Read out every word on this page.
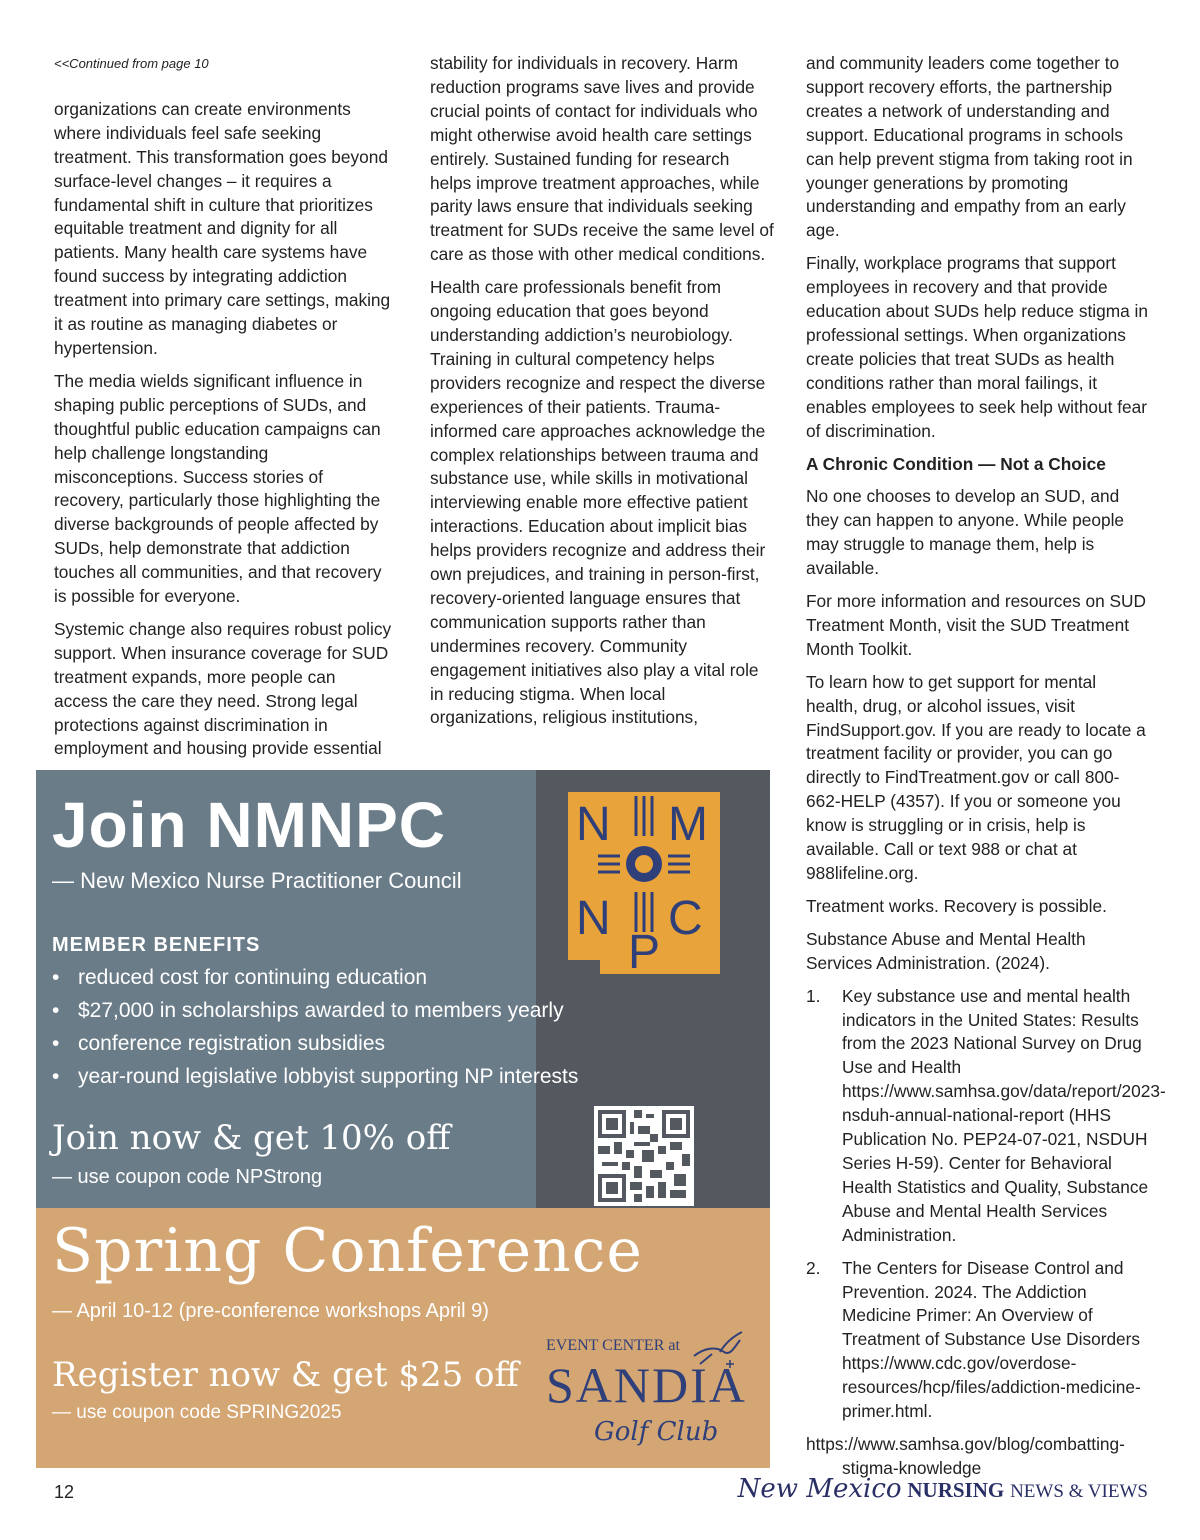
<<Continued from page 10

organizations can create environments where individuals feel safe seeking treatment. This transformation goes beyond surface-level changes – it requires a fundamental shift in culture that prioritizes equitable treatment and dignity for all patients. Many health care systems have found success by integrating addiction treatment into primary care settings, making it as routine as managing diabetes or hypertension.

The media wields significant influence in shaping public perceptions of SUDs, and thoughtful public education campaigns can help challenge longstanding misconceptions. Success stories of recovery, particularly those highlighting the diverse backgrounds of people affected by SUDs, help demonstrate that addiction touches all communities, and that recovery is possible for everyone.

Systemic change also requires robust policy support. When insurance coverage for SUD treatment expands, more people can access the care they need. Strong legal protections against discrimination in employment and housing provide essential

stability for individuals in recovery. Harm reduction programs save lives and provide crucial points of contact for individuals who might otherwise avoid health care settings entirely. Sustained funding for research helps improve treatment approaches, while parity laws ensure that individuals seeking treatment for SUDs receive the same level of care as those with other medical conditions.

Health care professionals benefit from ongoing education that goes beyond understanding addiction’s neurobiology. Training in cultural competency helps providers recognize and respect the diverse experiences of their patients. Trauma-informed care approaches acknowledge the complex relationships between trauma and substance use, while skills in motivational interviewing enable more effective patient interactions. Education about implicit bias helps providers recognize and address their own prejudices, and training in person-first, recovery-oriented language ensures that communication supports rather than undermines recovery. Community engagement initiatives also play a vital role in reducing stigma. When local organizations, religious institutions,

and community leaders come together to support recovery efforts, the partnership creates a network of understanding and support. Educational programs in schools can help prevent stigma from taking root in younger generations by promoting understanding and empathy from an early age.

Finally, workplace programs that support employees in recovery and that provide education about SUDs help reduce stigma in professional settings. When organizations create policies that treat SUDs as health conditions rather than moral failings, it enables employees to seek help without fear of discrimination.

A Chronic Condition — Not a Choice

No one chooses to develop an SUD, and they can happen to anyone. While people may struggle to manage them, help is available.

For more information and resources on SUD Treatment Month, visit the SUD Treatment Month Toolkit.

To learn how to get support for mental health, drug, or alcohol issues, visit FindSupport.gov. If you are ready to locate a treatment facility or provider, you can go directly to FindTreatment.gov or call 800-662-HELP (4357). If you or someone you know is struggling or in crisis, help is available. Call or text 988 or chat at 988lifeline.org.

Treatment works. Recovery is possible.

Substance Abuse and Mental Health Services Administration. (2024).

1.	Key substance use and mental health indicators in the United States: Results from the 2023 National Survey on Drug Use and Health https://www.samhsa.gov/data/report/2023-nsduh-annual-national-report (HHS Publication No. PEP24-07-021, NSDUH Series H-59). Center for Behavioral Health Statistics and Quality, Substance Abuse and Mental Health Services Administration.
2.	The Centers for Disease Control and Prevention. 2024. The Addiction Medicine Primer: An Overview of Treatment of Substance Use Disorders https://www.cdc.gov/overdose-resources/hcp/files/addiction-medicine-primer.html.

https://www.samhsa.gov/blog/combatting-stigma-knowledge

Join NMNPC
— New Mexico Nurse Practitioner Council
MEMBER BENEFITS
• reduced cost for continuing education
• $27,000 in scholarships awarded to members yearly
• conference registration subsidies
• year-round legislative lobbyist supporting NP interests
Join now & get 10% off
— use coupon code NPStrong
Spring Conference
— April 10-12 (pre-conference workshops April 9)
Register now & get $25 off
— use coupon code SPRING2025
N M
N
P
C
EVENT CENTER at
SANDIA
Golf Club
12	New Mexico NURSING NEWS & VIEWS
